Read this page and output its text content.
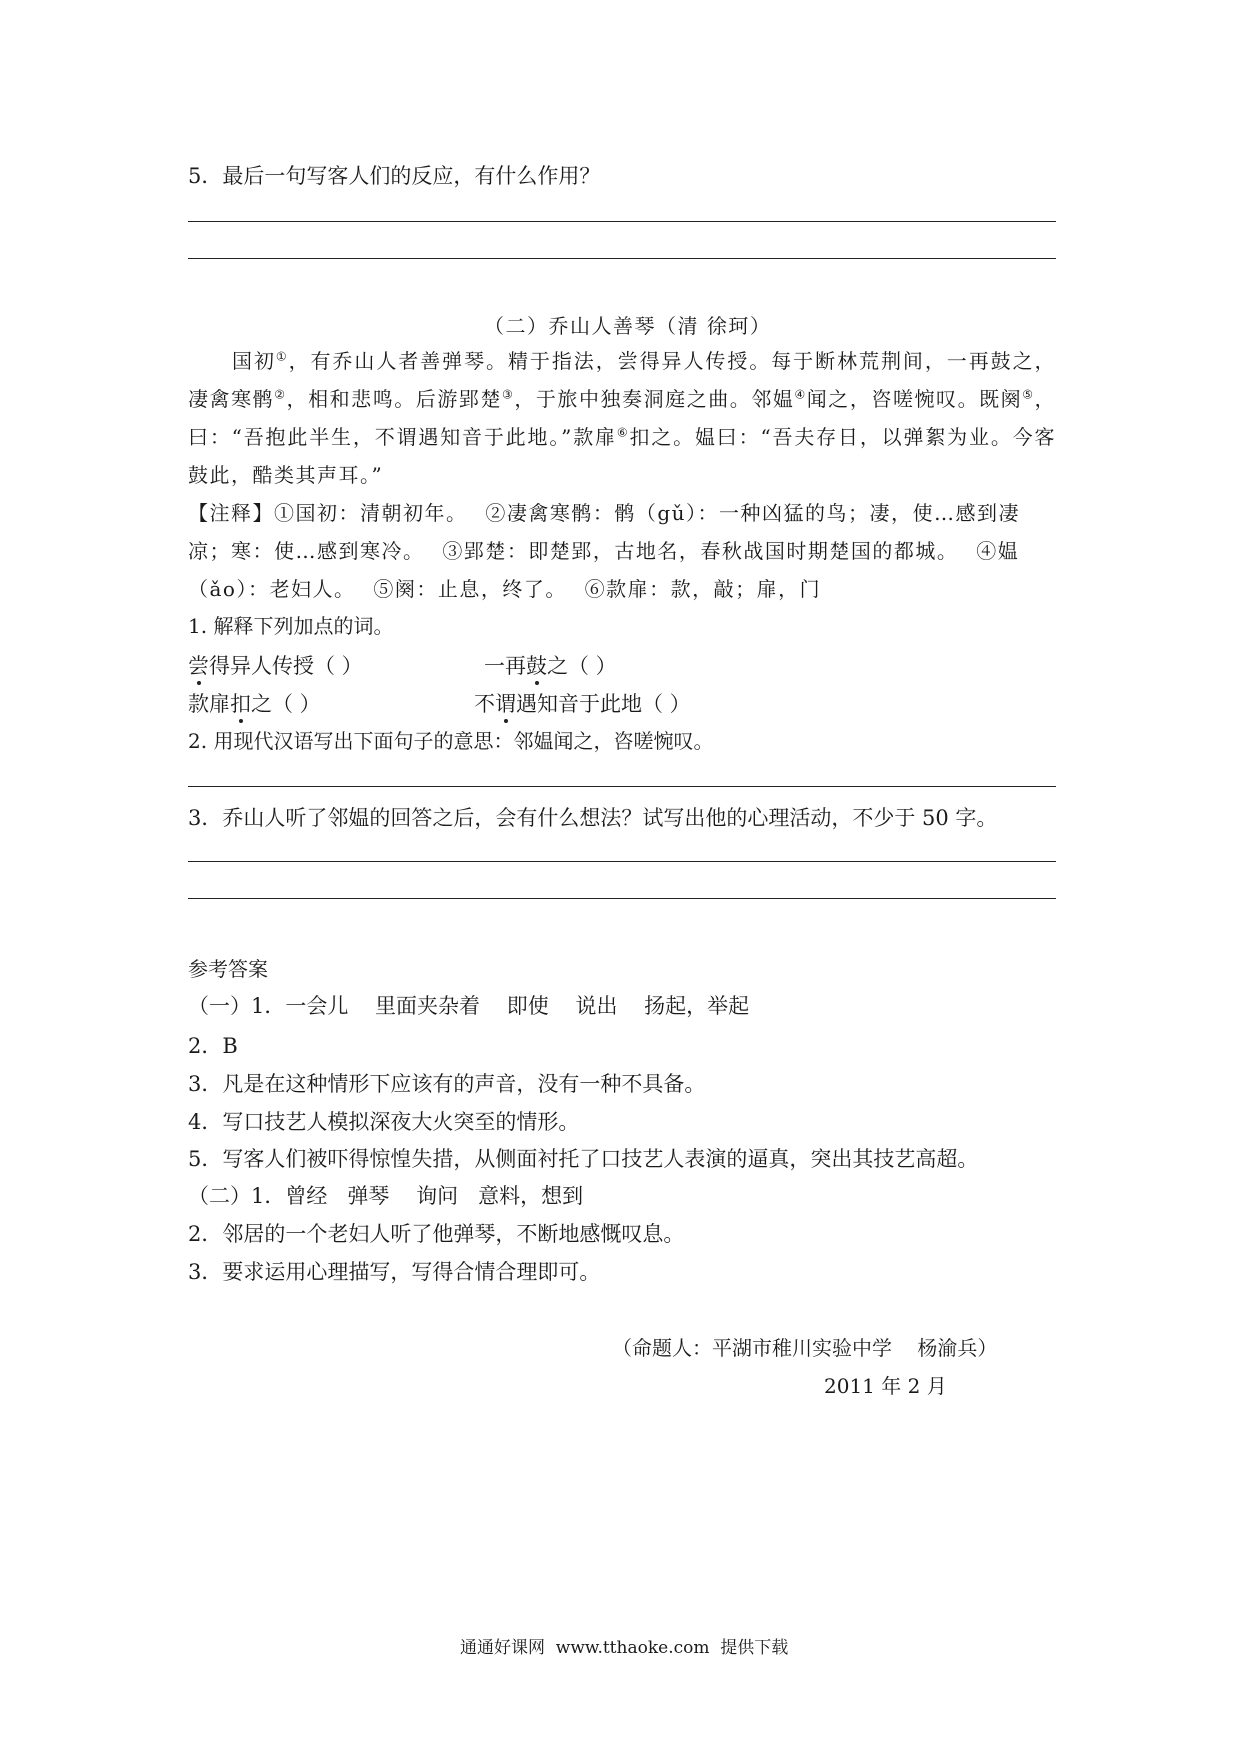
5．最后一句写客人们的反应，有什么作用？
（二）乔山人善琴（清 徐珂）
国初①，有乔山人者善弹琴。精于指法，尝得异人传授。每于断林荒荆间，一再鼓之，凄禽寒鹘②，相和悲鸣。后游郢楚③，于旅中独奏洞庭之曲。邻媪④闻之，咨嗟惋叹。既阕⑤，曰：“吾抱此半生，不谓遇知音于此地。”款扉⑥扣之。媪曰：“吾夫存日，以弹絮为业。今客鼓此，酷类其声耳。”
【注释】①国初：清朝初年。 ②凄禽寒鹘：鹘（gǔ）：一种凶猛的鸟；凄，使…感到凄凉；寒：使…感到寒冷。 ③郢楚：即楚郢，古地名，春秋战国时期楚国的都城。 ④媪（ǎo）：老妇人。 ⑤阕：止息，终了。 ⑥款扉：款，敲；扉，门
1. 解释下列加点的词。
尝得异人传授（ ）	一再鼓之（ ）
款扉扣之（ ）	不谓遇知音于此地（ ）
2. 用现代汉语写出下面句子的意思：邻媪闻之，咨嗟惋叹。
3．乔山人听了邻媪的回答之后，会有什么想法？试写出他的心理活动，不少于 50 字。
参考答案
（一）1．一会儿    里面夹杂着    即使    说出    扬起，举起
2．B
3．凡是在这种情形下应该有的声音，没有一种不具备。
4．写口技艺人模拟深夜大火突至的情形。
5．写客人们被吓得惊惶失措，从侧面衬托了口技艺人表演的逼真，突出其技艺高超。
（二）1．曾经   弹琴    询问   意料，想到
2．邻居的一个老妇人听了他弹琴，不断地感慨叹息。
3．要求运用心理描写，写得合情合理即可。
（命题人：平湖市稚川实验中学    杨渝兵）
2011 年 2 月
通通好课网  www.tthaoke.com  提供下载
